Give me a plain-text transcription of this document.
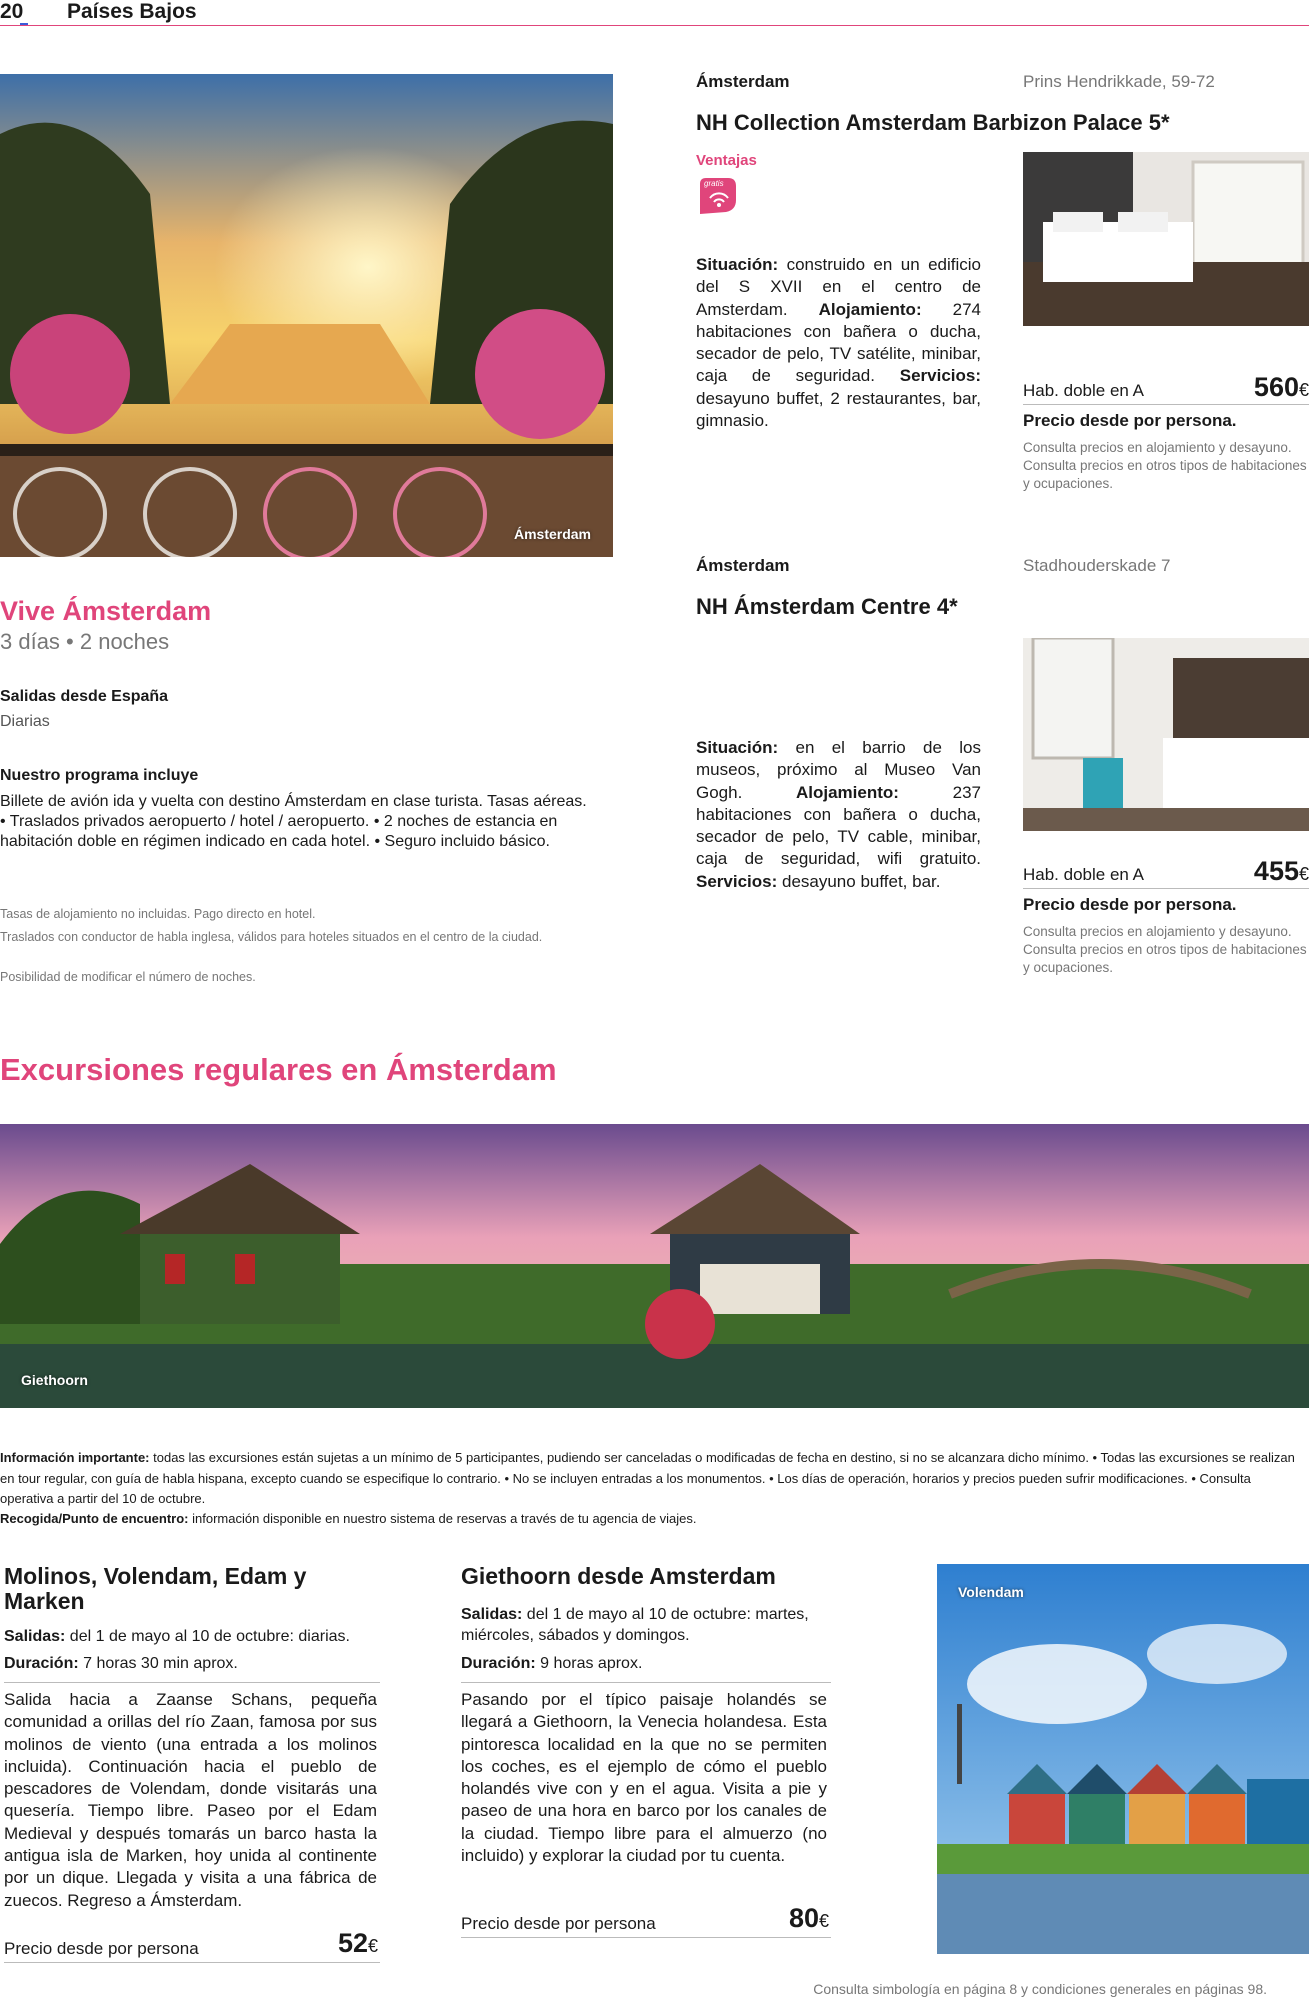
20 Países Bajos
Ámsterdam
Ámsterdam	Prins Hendrikkade, 59-72
NH Collection Amsterdam Barbizon Palace 5*
Ventajas
gratis

Situación: construido en un edificio del S XVII en el centro de Amsterdam. Alojamiento: 274 habitaciones con bañera o ducha, secador de pelo, TV satélite, minibar, caja de seguridad. Servicios: desayuno buffet, 2 restaurantes, bar, gimnasio.

Hab. doble en A	560€
Precio desde por persona.

Consulta precios en alojamiento y desayuno. Consulta precios en otros tipos de habitaciones y ocupaciones.

Ámsterdam	Stadhouderskade 7
NH Ámsterdam Centre 4*

Situación: en el barrio de los museos, próximo al Museo Van Gogh. Alojamiento: 237 habitaciones con bañera o ducha, secador de pelo, TV cable, minibar, caja de seguridad, wifi gratuito. Servicios: desayuno buffet, bar.	Hab. doble en A	455€
Precio desde por persona.

Consulta precios en alojamiento y desayuno. Consulta precios en otros tipos de habitaciones y ocupaciones.

Vive Ámsterdam
3 días • 2 noches
Salidas desde España
Diarias
Nuestro programa incluye

Billete de avión ida y vuelta con destino Ámsterdam en clase turista. Tasas aéreas. • Traslados privados aeropuerto / hotel / aeropuerto. • 2 noches de estancia en habitación doble en régimen indicado en cada hotel. • Seguro incluido básico.

Tasas de alojamiento no incluidas. Pago directo en hotel.

Traslados con conductor de habla inglesa, válidos para hoteles situados en el centro de la ciudad.

Posibilidad de modificar el número de noches.

Excursiones regulares en Ámsterdam
Giethoorn

Información importante: todas las excursiones están sujetas a un mínimo de 5 participantes, pudiendo ser canceladas o modificadas de fecha en destino, si no se alcanzara dicho mínimo. • Todas las excursiones se realizan en tour regular, con guía de habla hispana, excepto cuando se especifique lo contrario. • No se incluyen entradas a los monumentos. • Los días de operación, horarios y precios pueden sufrir modificaciones. • Consulta operativa a partir del 10 de octubre.

Recogida/Punto de encuentro: información disponible en nuestro sistema de reservas a través de tu agencia de viajes.

Molinos, Volendam, Edam y Marken

Salidas: del 1 de mayo al 10 de octubre: diarias.

Duración: 7 horas 30 min aprox.

Salida hacia a Zaanse Schans, pequeña comunidad a orillas del río Zaan, famosa por sus molinos de viento (una entrada a los molinos incluida). Continuación hacia el pueblo de pescadores de Volendam, donde visitarás una quesería. Tiempo libre. Paseo por el Edam Medieval y después tomarás un barco hasta la antigua isla de Marken, hoy unida al continente por un dique. Llegada y visita a una fábrica de zuecos. Regreso a Ámsterdam.

Precio desde por persona	52€

Giethoorn desde Amsterdam

Salidas: del 1 de mayo al 10 de octubre: martes, miércoles, sábados y domingos.

Duración: 9 horas aprox.

Pasando por el típico paisaje holandés se llegará a Giethoorn, la Venecia holandesa. Esta pintoresca localidad en la que no se permiten los coches, es el ejemplo de cómo el pueblo holandés vive con y en el agua. Visita a pie y paseo de una hora en barco por los canales de la ciudad. Tiempo libre para el almuerzo (no incluido) y explorar la ciudad por tu cuenta.

Precio desde por persona	80€
Volendam
Consulta simbología en página 8 y condiciones generales en páginas 98.
